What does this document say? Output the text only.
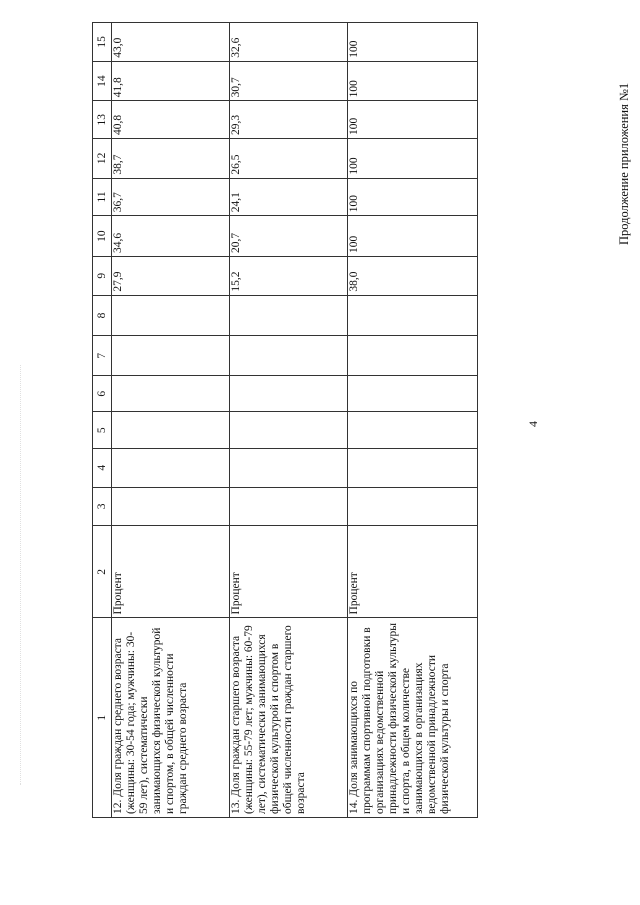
4
Продолжение приложения №1
1	2	3	4	5	6	7	8	9	10	11	12	13	14	15
12. Доля граждан среднего возраста (женщины: 30-54 года; мужчины: 30-59 лет), систематически занимающихся физической культурой и спортом, в общей численности граждан среднего возраста	Процент							27,9	34,6	36,7	38,7	40,8	41,8	43,0
13. Доля граждан старшего возраста (женщины: 55-79 лет; мужчины: 60-79 лет), систематически занимающихся физической культурой и спортом в общей численности граждан старшего возраста	Процент							15,2	20,7	24,1	26,5	29,3	30,7	32,6
14. Доля занимающихся по программам спортивной подготовки в организациях ведомственной принадлежности физической культуры и спорта, в общем количестве занимающихся в организациях ведомственной принадлежности физической культуры и спорта	Процент							38,0	100	100	100	100	100	100
